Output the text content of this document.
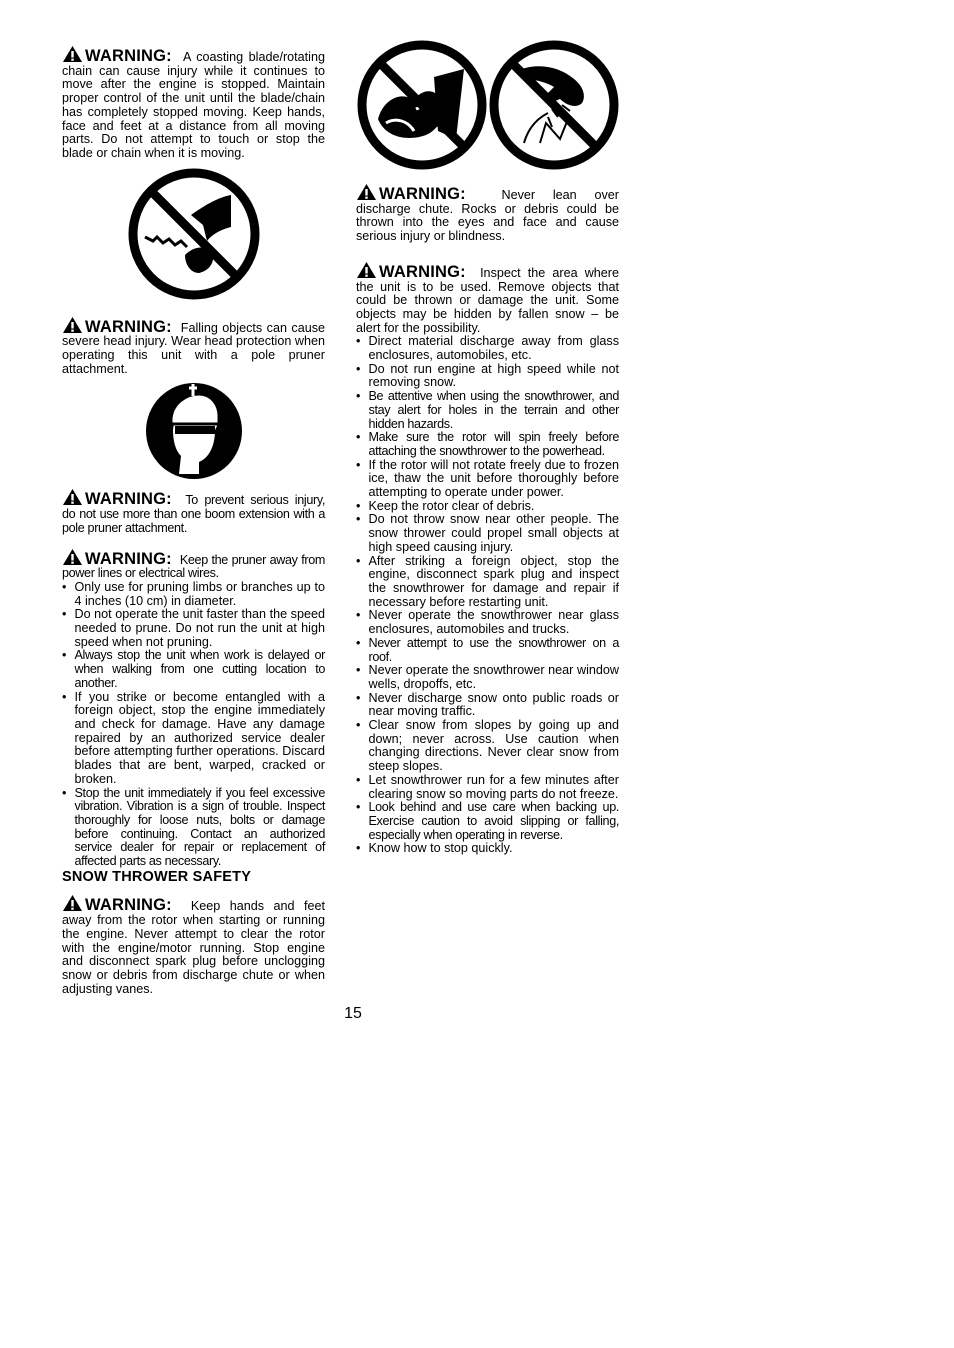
WARNING: A coasting blade/rotating chain can cause injury while it continues to move after the engine is stopped. Maintain proper control of the unit until the blade/chain has completely stopped moving. Keep hands, face and feet at a distance from all moving parts. Do not attempt to touch or stop the blade or chain when it is moving.

WARNING: Falling objects can cause severe head injury. Wear head protection when operating this unit with a pole pruner attachment.

WARNING: To prevent serious injury, do not use more than one boom extension with a pole pruner attachment.

WARNING: Keep the pruner away from power lines or electrical wires.

• Only use for pruning limbs or branches up to 4 inches (10 cm) in diameter.
• Do not operate the unit faster than the speed needed to prune. Do not run the unit at high speed when not pruning.
• Always stop the unit when work is delayed or when walking from one cutting location to another.
• If you strike or become entangled with a foreign object, stop the engine immediately and check for damage. Have any damage repaired by an authorized service dealer before attempting further operations. Discard blades that are bent, warped, cracked or broken.
• Stop the unit immediately if you feel excessive vibration. Vibration is a sign of trouble. Inspect thoroughly for loose nuts, bolts or damage before continuing. Contact an authorized service dealer for repair or replacement of affected parts as necessary.
SNOW THROWER SAFETY

WARNING: Keep hands and feet away from the rotor when starting or running the engine. Never attempt to clear the rotor with the engine/motor running. Stop engine and disconnect spark plug before unclogging snow or debris from discharge chute or when adjusting vanes.

WARNING:	Never lean over discharge chute. Rocks or debris could be thrown into the eyes and face and cause serious injury or blindness.

WARNING: Inspect the area where the unit is to be used. Remove objects that could be thrown or damage the unit. Some objects may be hidden by fallen snow – be alert for the possibility.

• Direct material discharge away from glass enclosures, automobiles, etc.
• Do not run engine at high speed while not removing snow.
• Be attentive when using the snowthrower, and stay alert for holes in the terrain and other hidden hazards.
• Make sure the rotor will spin freely before attaching the snowthrower to the powerhead.
• If the rotor will not rotate freely due to frozen ice, thaw the unit before thoroughly before attempting to operate under power.
• Keep the rotor clear of debris.
• Do not throw snow near other people. The snow thrower could propel small objects at high speed causing injury.
• After striking a foreign object, stop the engine, disconnect spark plug and inspect the snowthrower for damage and repair if necessary before restarting unit.
• Never operate the snowthrower near glass enclosures, automobiles and trucks.
• Never attempt to use the snowthrower on a roof.
• Never operate the snowthrower near window wells, dropoffs, etc.
• Never discharge snow onto public roads or near moving traffic.
• Clear snow from slopes by going up and down; never across. Use caution when changing directions. Never clear snow from steep slopes.
• Let snowthrower run for a few minutes after clearing snow so moving parts do not freeze.
• Look behind and use care when backing up. Exercise caution to avoid slipping or falling, especially when operating in reverse.
• Know how to stop quickly.
15
